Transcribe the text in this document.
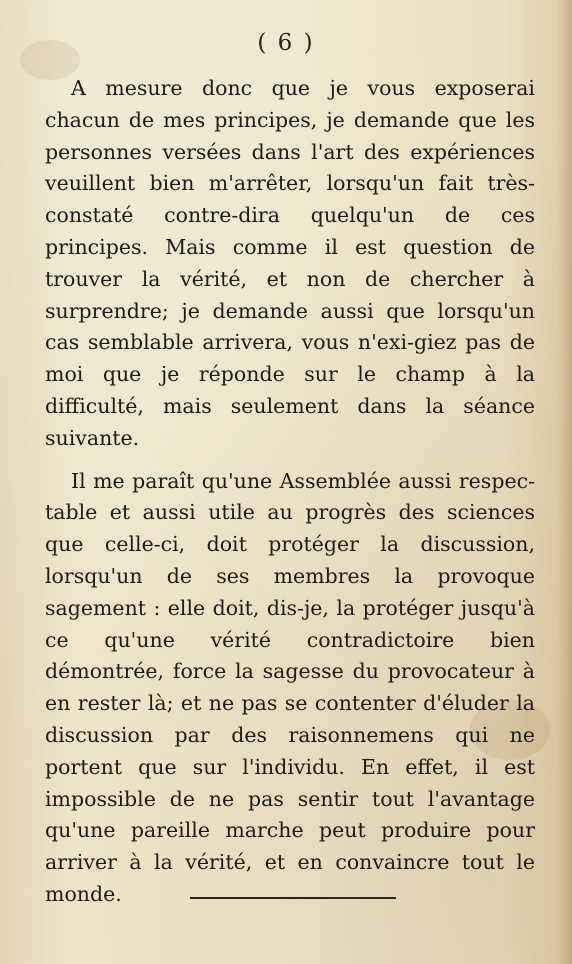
( 6 )

A mesure donc que je vous exposerai chacun de mes principes, je demande que les personnes versées dans l'art des expériences veuillent bien m'arrêter, lorsqu'un fait très-constaté contre-dira quelqu'un de ces principes. Mais comme il est question de trouver la vérité, et non de chercher à surprendre; je demande aussi que lorsqu'un cas semblable arrivera, vous n'exi-giez pas de moi que je réponde sur le champ à la difficulté, mais seulement dans la séance suivante.

Il me paraît qu'une Assemblée aussi respec-table et aussi utile au progrès des sciences que celle-ci, doit protéger la discussion, lorsqu'un de ses membres la provoque sagement : elle doit, dis-je, la protéger jusqu'à ce qu'une vérité contradictoire bien démontrée, force la sagesse du provocateur à en rester là; et ne pas se contenter d'éluder la discussion par des raisonnemens qui ne portent que sur l'individu. En effet, il est impossible de ne pas sentir tout l'avantage qu'une pareille marche peut produire pour arriver à la vérité, et en convaincre tout le monde.
